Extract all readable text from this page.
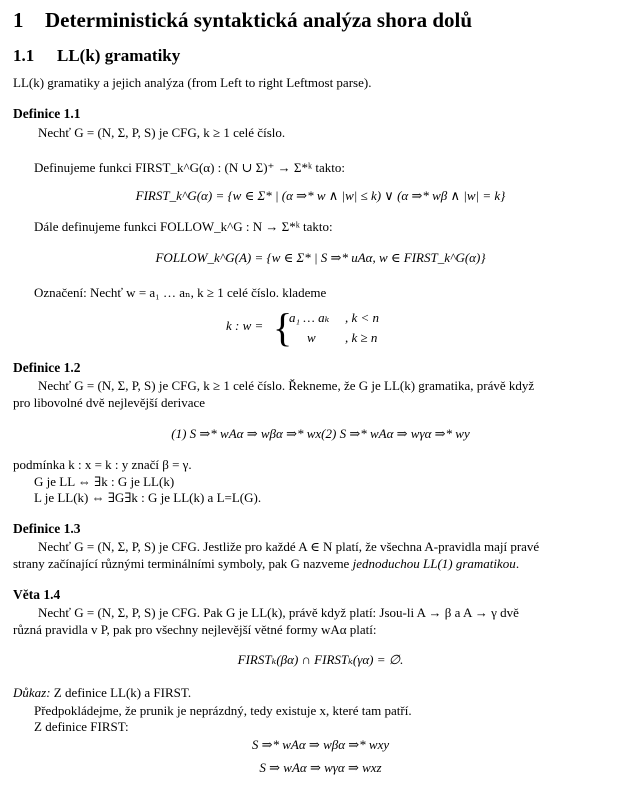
1 Deterministická syntaktická analýza shora dolů
1.1 LL(k) gramatiky
LL(k) gramatiky a jejich analýza (from Left to right Leftmost parse).
Definice 1.1
Nechť G = (N, Σ, P, S) je CFG, k ≥ 1 celé číslo.
Definujeme funkci FIRST_k^G(α) : (N ∪ Σ)⁺ → Σ*ᵏ takto:
FIRST_k^G(α) = {w ∈ Σ* | (α ⇒* w ∧ |w| ≤ k) ∨ (α ⇒* wβ ∧ |w| = k}
Dále definujeme funkci FOLLOW_k^G : N → Σ*ᵏ takto:
FOLLOW_k^G(A) = {w ∈ Σ* | S ⇒* uAα, w ∈ FIRST_k^G(α)}
Označení: Nechť w = a₁ … aₙ, k ≥ 1 celé číslo. klademe
k : w = {
a₁ … aₖ , k < n
w , k ≥ n
Definice 1.2
Nechť G = (N, Σ, P, S) je CFG, k ≥ 1 celé číslo. Řekneme, že G je LL(k) gramatika, právě když
pro libovolné dvě nejlevější derivace
(1) S ⇒* wAα ⇒ wβα ⇒* wx(2) S ⇒* wAα ⇒ wγα ⇒* wy
podmínka k : x = k : y značí β = γ.
G je LL ⇔ ∃k : G je LL(k)
L je LL(k) ⇔ ∃G∃k : G je LL(k) a L=L(G).
Definice 1.3
Nechť G = (N, Σ, P, S) je CFG. Jestliže pro každé A ∈ N platí, že všechna A-pravidla mají pravé
strany začínající různými terminálními symboly, pak G nazveme jednoduchou LL(1) gramatikou.
Věta 1.4
Nechť G = (N, Σ, P, S) je CFG. Pak G je LL(k), právě když platí: Jsou-li A → β a A → γ dvě
různá pravidla v P, pak pro všechny nejlevější větné formy wAα platí:
FIRSTₖ(βα) ∩ FIRSTₖ(γα) = ∅.
Důkaz: Z definice LL(k) a FIRST.
Předpokládejme, že prunik je neprázdný, tedy existuje x, které tam patří.
Z definice FIRST:
S ⇒* wAα ⇒ wβα ⇒* wxy
S ⇒ wAα ⇒ wγα ⇒ wxz
